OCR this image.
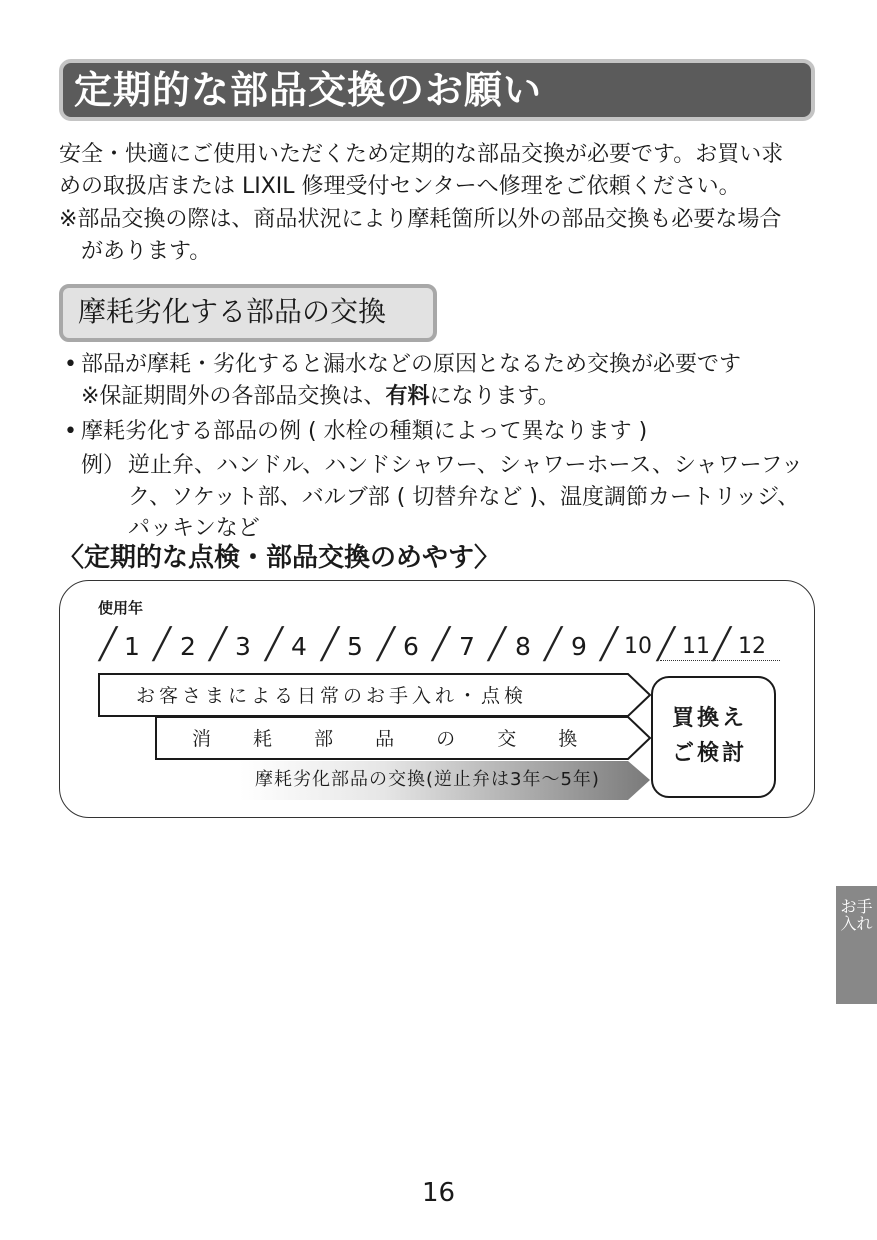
定期的な部品交換のお願い
安全・快適にご使用いただくため定期的な部品交換が必要です。お買い求
めの取扱店または LIXIL 修理受付センターへ修理をご依頼ください。
※部品交換の際は、商品状況により摩耗箇所以外の部品交換も必要な場合
があります。
摩耗劣化する部品の交換
• 部品が摩耗・劣化すると漏水などの原因となるため交換が必要です
※保証期間外の各部品交換は、有料になります。
• 摩耗劣化する部品の例 ( 水栓の種類によって異なります )
例） 逆止弁、ハンドル、ハンドシャワー、シャワーホース、シャワーフッ
ク、ソケット部、バルブ部 ( 切替弁など )、温度調節カートリッジ、
パッキンなど
〈定期的な点検・部品交換のめやす〉
使用年
╱ 1 ╱ 2 ╱ 3 ╱ 4 ╱ 5 ╱ 6 ╱ 7 ╱ 8 ╱ 9 ╱ 10 ╱ 11 ╱ 12
お客さまによる日常のお手入れ・点検
消 耗 部 品 の 交 換
摩耗劣化部品の交換(逆止弁は3年〜5年)
買換え
ご検討
お手入れ
16
